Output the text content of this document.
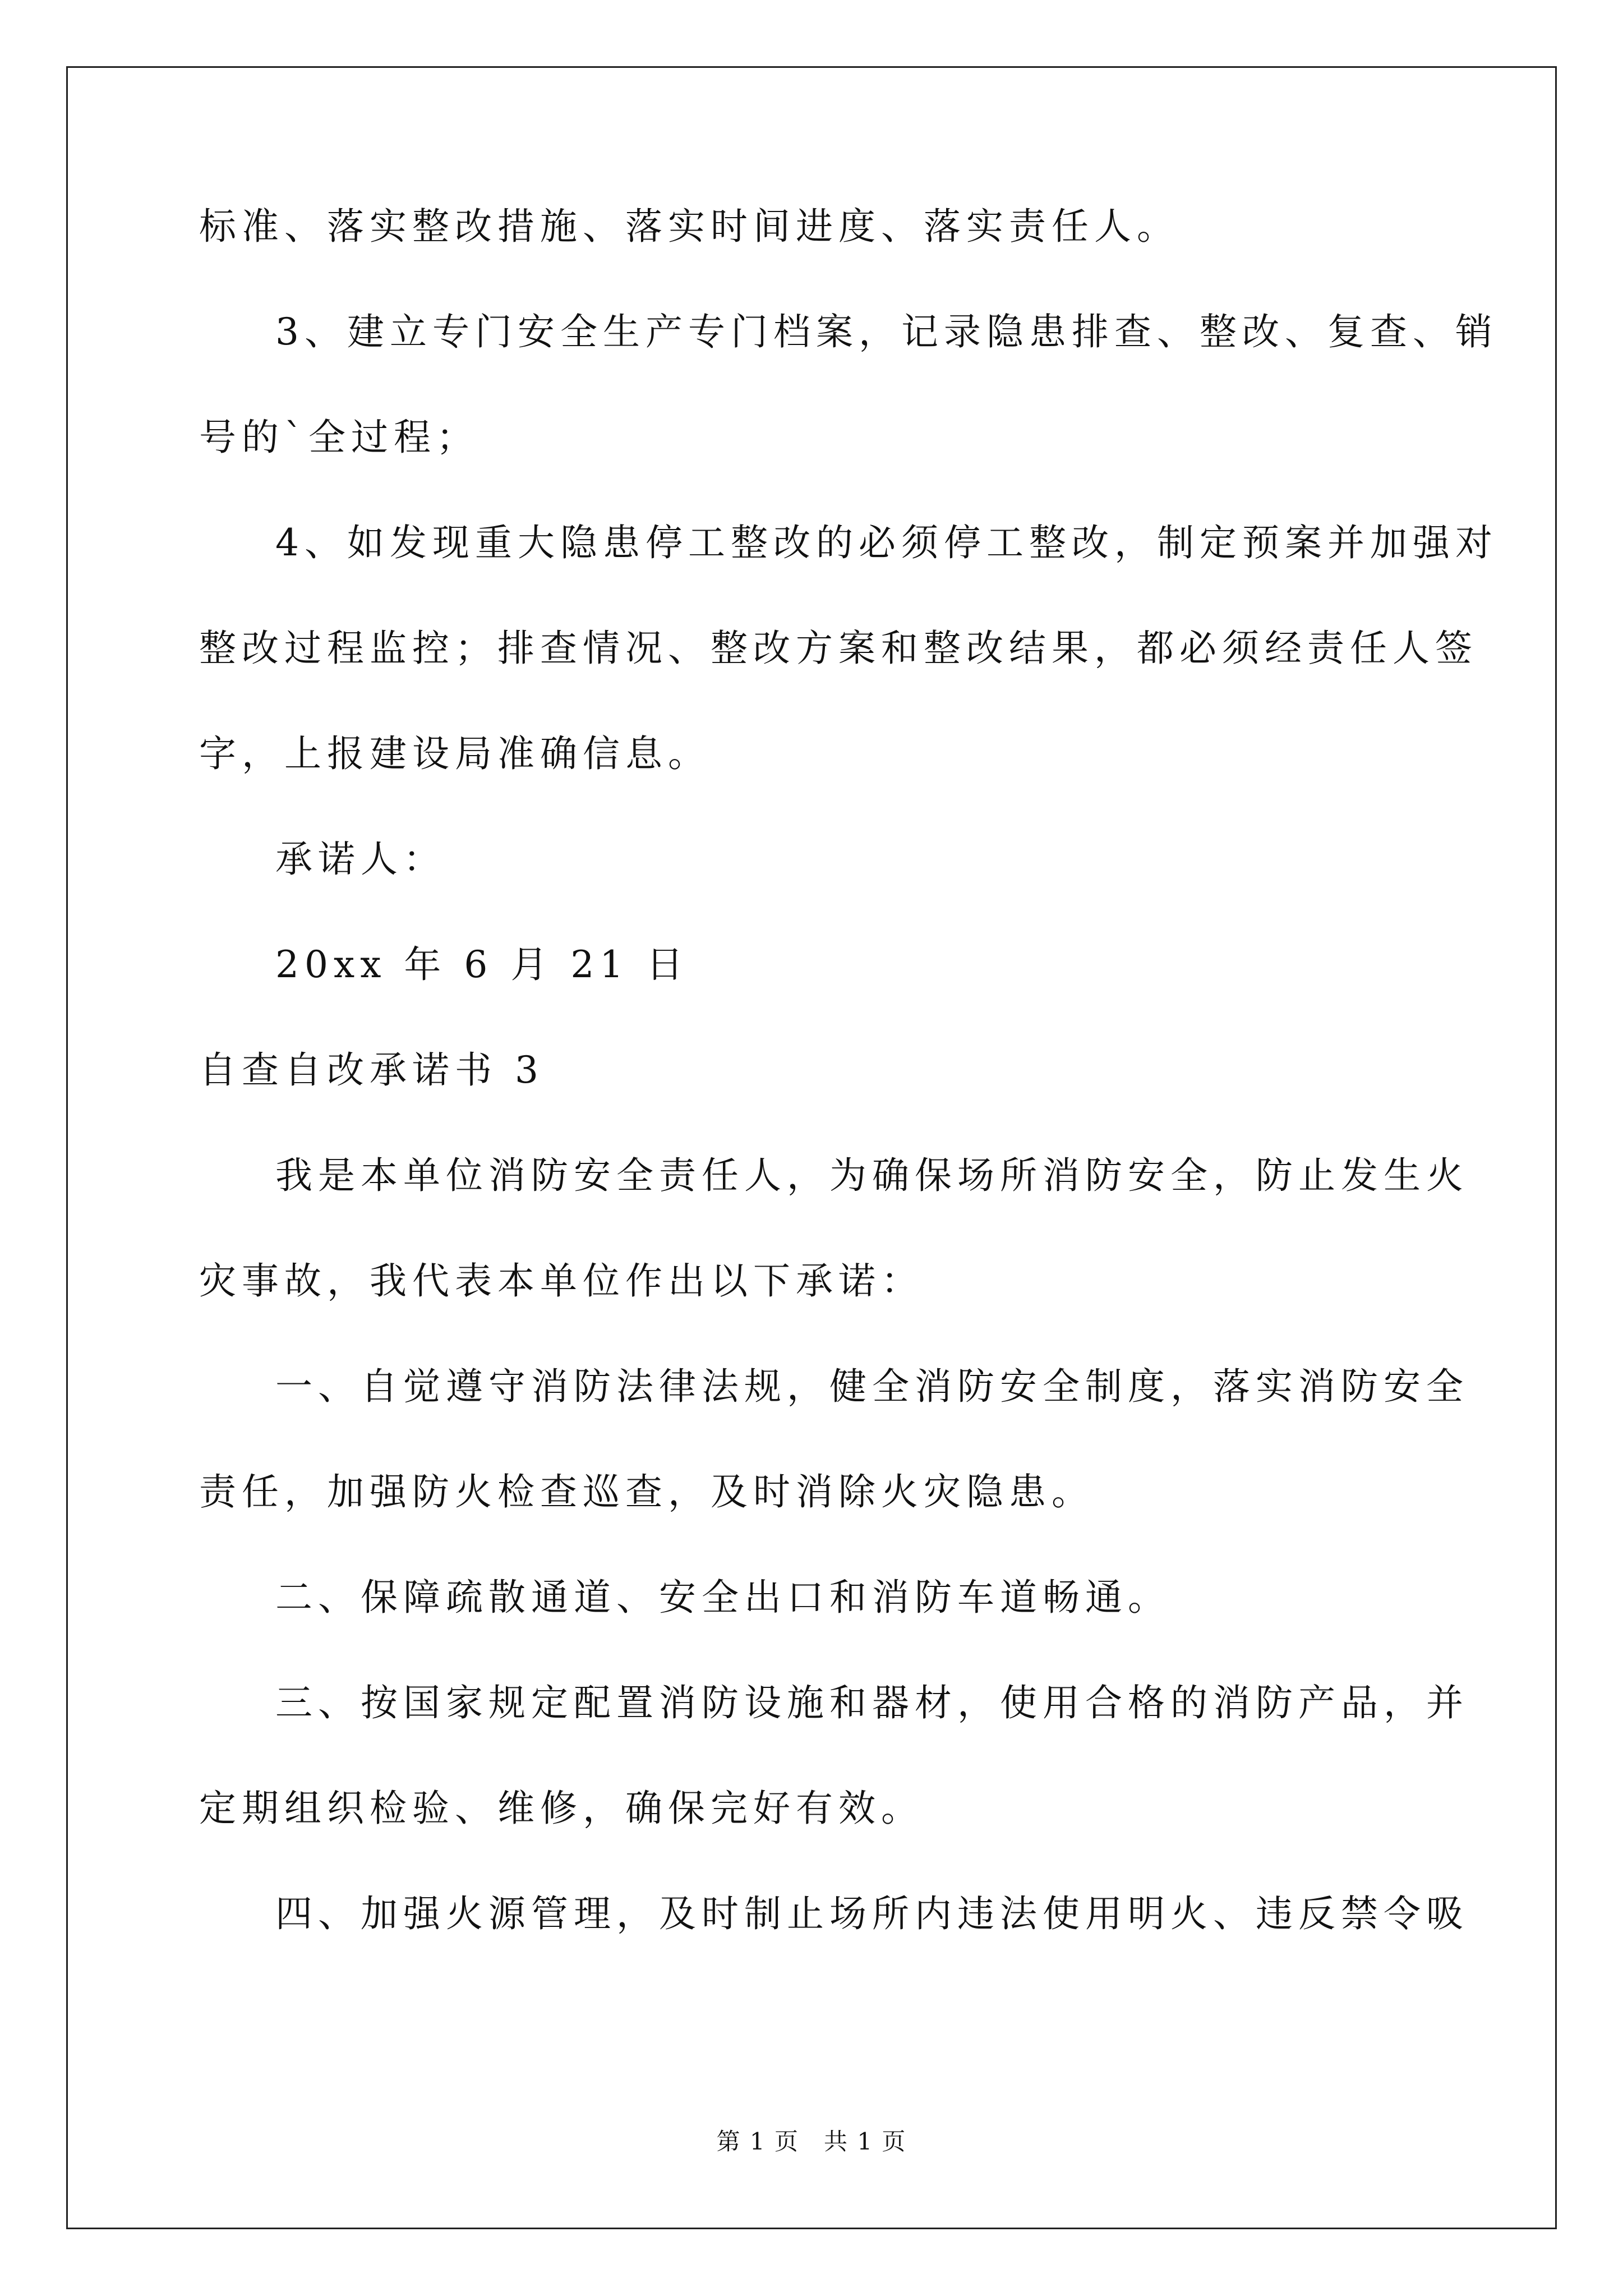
标准、落实整改措施、落实时间进度、落实责任人。
3、建立专门安全生产专门档案，记录隐患排查、整改、复查、销
号的`全过程；
4、如发现重大隐患停工整改的必须停工整改，制定预案并加强对
整改过程监控；排查情况、整改方案和整改结果，都必须经责任人签
字，上报建设局准确信息。
承诺人：
20xx 年 6 月 21 日
自查自改承诺书 3
我是本单位消防安全责任人，为确保场所消防安全，防止发生火
灾事故，我代表本单位作出以下承诺：
一、自觉遵守消防法律法规，健全消防安全制度，落实消防安全
责任，加强防火检查巡查，及时消除火灾隐患。
二、保障疏散通道、安全出口和消防车道畅通。
三、按国家规定配置消防设施和器材，使用合格的消防产品，并
定期组织检验、维修，确保完好有效。
四、加强火源管理，及时制止场所内违法使用明火、违反禁令吸
第 1 页　共 1 页
